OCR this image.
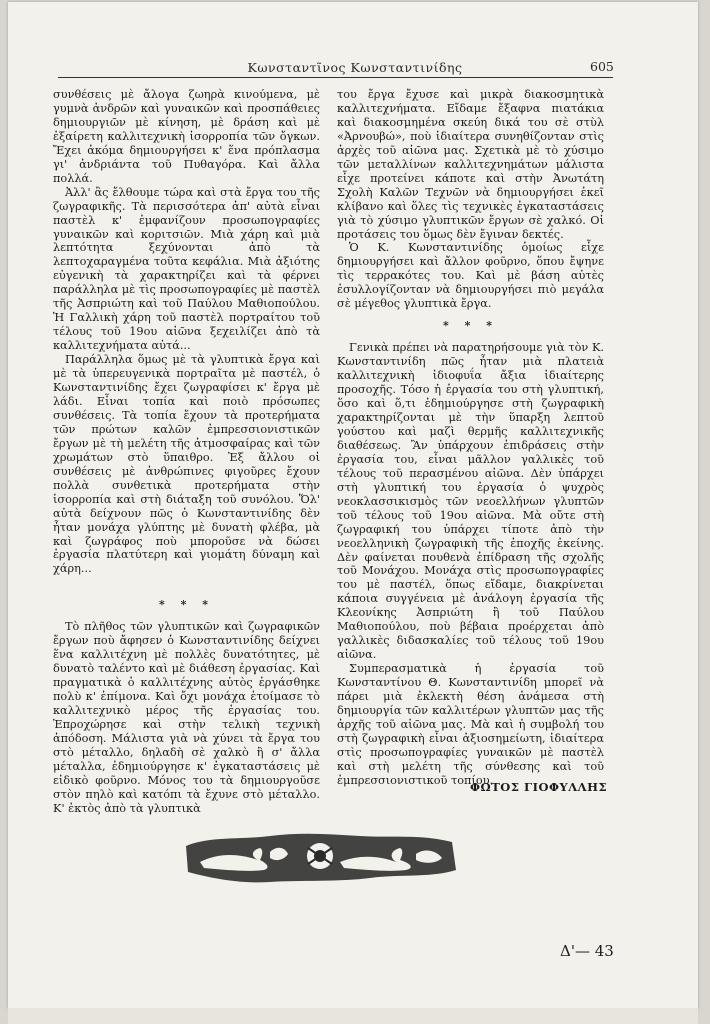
Κωνσταντῖνος Κωνσταντινίδης	605

συνθέσεις μὲ ἄλογα ζωηρὰ κινούμενα, μὲ γυμνὰ ἀνδρῶν καὶ γυναικῶν καὶ προσπάθειες δημιουργιῶν μὲ κίνηση, μὲ δράση καὶ μὲ ἐξαίρετη καλλιτεχνικὴ ἰσορροπία τῶν ὄγκων. Ἔχει ἀκόμα δημιουργήσει κ' ἕνα πρόπλασμα γι' ἀνδριάντα τοῦ Πυθαγόρα. Καὶ ἄλλα πολλά.

Ἀλλ' ἂς ἔλθουμε τώρα καὶ στὰ ἔργα του τῆς ζωγραφικῆς. Τὰ περισσότερα ἀπ' αὐτὰ εἶναι παστὲλ κ' ἐμφανίζουν προσωπογραφίες γυναικῶν καὶ κοριτσιῶν. Μιὰ χάρη καὶ μιὰ λεπτότητα ξεχύνονται ἀπὸ τὰ λεπτοχαραγμένα τοῦτα κεφάλια. Μιὰ ἀξιότης εὐγενικὴ τὰ χαρακτηρίζει καὶ τὰ φέρνει παράλληλα μὲ τὶς προσωπογραφίες μὲ παστὲλ τῆς Ἀσπριώτη καὶ τοῦ Παύλου Μαθιοπούλου. Ἡ Γαλλικὴ χάρη τοῦ παστὲλ πορτραίτου τοῦ τέλους τοῦ 19ου αἰῶνα ξεχειλίζει ἀπὸ τὰ καλλιτεχνήματα αὐτά...

Παράλληλα ὅμως μὲ τὰ γλυπτικὰ ἔργα καὶ μὲ τὰ ὑπερευγενικὰ πορτραῖτα μὲ παστέλ, ὁ Κωνσταντινίδης ἔχει ζωγραφίσει κ' ἔργα μὲ λάδι. Εἶναι τοπία καὶ ποιὸ πρόσωπες συνθέσεις. Τὰ τοπία ἔχουν τὰ προτερήματα τῶν πρώτων καλῶν ἐμπρεσσιονιστικῶν ἔργων μὲ τὴ μελέτη τῆς ἀτμοσφαίρας καὶ τῶν χρωμάτων στὸ ὕπαιθρο. Ἐξ ἄλλου οἱ συνθέσεις μὲ ἀνθρώπινες φιγοῦρες ἔχουν πολλὰ συνθετικὰ προτερήματα στὴν ἰσορροπία καὶ στὴ διάταξη τοῦ συνόλου. Ὅλ' αὐτὰ δείχνουν πῶς ὁ Κωνσταντινίδης δὲν ἦταν μονάχα γλύπτης μὲ δυνατὴ φλέβα, μὰ καὶ ζωγράφος ποὺ μποροῦσε νὰ δώσει ἐργασία πλατύτερη καὶ γιομάτη δύναμη καὶ χάρη...

* * *

Τὸ πλῆθος τῶν γλυπτικῶν καὶ ζωγραφικῶν ἔργων ποὺ ἄφησεν ὁ Κωνσταντινίδης δείχνει ἕνα καλλιτέχνη μὲ πολλὲς δυνατότητες, μὲ δυνατὸ ταλέντο καὶ μὲ διάθεση ἐργασίας. Καὶ πραγματικὰ ὁ καλλιτέχνης αὐτὸς ἐργάσθηκε πολὺ κ' ἐπίμονα. Καὶ ὄχι μονάχα ἑτοίμασε τὸ καλλιτεχνικὸ μέρος τῆς ἐργασίας του. Ἐπροχώρησε καὶ στὴν τελικὴ τεχνικὴ ἀπόδοση. Μάλιστα γιὰ νὰ χύνει τὰ ἔργα του στὸ μέταλλο, δηλαδὴ σὲ χαλκὸ ἢ σ' ἄλλα μέταλλα, ἐδημιούργησε κ' ἐγκαταστάσεις μὲ εἰδικὸ φοῦρνο. Μόνος του τὰ δημιουργοῦσε στὸν πηλὸ καὶ κατόπι τὰ ἔχυνε στὸ μέταλλο. Κ' ἐκτὸς ἀπὸ τὰ γλυπτικὰ

του ἔργα ἔχυσε καὶ μικρὰ διακοσμητικὰ καλλιτεχνήματα. Εἴδαμε ἔξαφνα πιατάκια καὶ διακοσμημένα σκεύη δικά του σὲ στὺλ «Ἀρνουβώ», ποὺ ἰδιαίτερα συνηθίζονταν στὶς ἀρχὲς τοῦ αἰῶνα μας. Σχετικὰ μὲ τὸ χύσιμο τῶν μεταλλίνων καλλιτεχνημάτων μάλιστα εἶχε προτείνει κάποτε καὶ στὴν Ἀνωτάτη Σχολὴ Καλῶν Τεχνῶν νὰ δημιουργήσει ἐκεῖ κλίβανο καὶ ὅλες τὶς τεχνικὲς ἐγκαταστάσεις γιὰ τὸ χύσιμο γλυπτικῶν ἔργων σὲ χαλκό. Οἱ προτάσεις του ὅμως δὲν ἔγιναν δεκτές.

Ὁ Κ. Κωνσταντινίδης ὁμοίως εἶχε δημιουργήσει καὶ ἄλλον φοῦρνο, ὅπου ἔψηνε τὶς τερρακότες του. Καὶ μὲ βάση αὐτὲς ἐσυλλογίζονταν νὰ δημιουργήσει πιὸ μεγάλα σὲ μέγεθος γλυπτικὰ ἔργα.

* * *

Γενικὰ πρέπει νὰ παρατηρήσουμε γιὰ τὸν Κ. Κωνσταντινίδη πῶς ἦταν μιὰ πλατειὰ καλλιτεχνικὴ ἰδιοφυΐα ἄξια ἰδιαίτερης προσοχῆς. Τόσο ἡ ἐργασία του στὴ γλυπτική, ὅσο καὶ ὅ,τι ἐδημιούργησε στὴ ζωγραφικὴ χαρακτηρίζονται μὲ τὴν ὕπαρξη λεπτοῦ γούστου καὶ μαζὶ θερμῆς καλλιτεχνικῆς διαθέσεως. Ἂν ὑπάρχουν ἐπιδράσεις στὴν ἐργασία του, εἶναι μᾶλλον γαλλικὲς τοῦ τέλους τοῦ περασμένου αἰῶνα. Δὲν ὑπάρχει στὴ γλυπτική του ἐργασία ὁ ψυχρὸς νεοκλασσικισμὸς τῶν νεοελλήνων γλυπτῶν τοῦ τέλους τοῦ 19ου αἰῶνα. Μὰ οὔτε στὴ ζωγραφική του ὑπάρχει τίποτε ἀπὸ τὴν νεοελληνικὴ ζωγραφικὴ τῆς ἐποχῆς ἐκείνης. Δὲν φαίνεται πουθενὰ ἐπίδραση τῆς σχολῆς τοῦ Μονάχου. Μονάχα στὶς προσωπογραφίες του μὲ παστέλ, ὅπως εἴδαμε, διακρίνεται κάποια συγγένεια μὲ ἀνάλογη ἐργασία τῆς Κλεονίκης Ἀσπριώτη ἢ τοῦ Παύλου Μαθιοπούλου, ποὺ βέβαια προέρχεται ἀπὸ γαλλικὲς διδασκαλίες τοῦ τέλους τοῦ 19ου αἰῶνα.

Συμπερασματικὰ ἡ ἐργασία τοῦ Κωνσταντίνου Θ. Κωνσταντινίδη μπορεῖ νὰ πάρει μιὰ ἐκλεκτὴ θέση ἀνάμεσα στὴ δημιουργία τῶν καλλιτέρων γλυπτῶν μας τῆς ἀρχῆς τοῦ αἰῶνα μας. Μὰ καὶ ἡ συμβολή του στὴ ζωγραφικὴ εἶναι ἀξιοσημείωτη, ἰδιαίτερα στὶς προσωπογραφίες γυναικῶν μὲ παστὲλ καὶ στὴ μελέτη τῆς σύνθεσης καὶ τοῦ ἐμπρεσσιονιστικοῦ τοπίου.

ΦΩΤΟΣ ΓΙΟΦΥΛΛΗΣ
Δ'— 43
